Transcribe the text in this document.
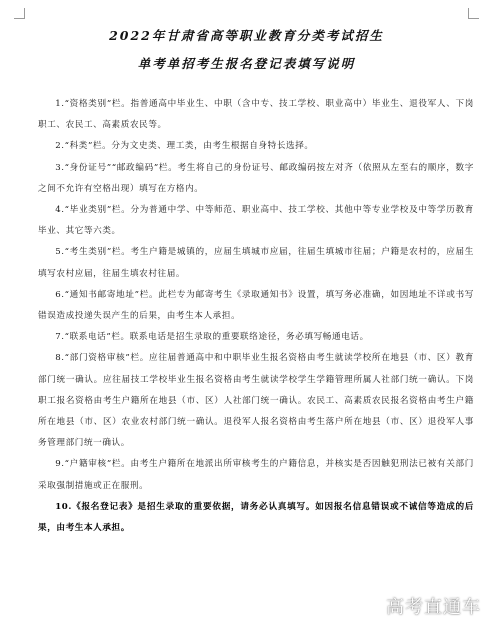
2022年甘肃省高等职业教育分类考试招生
单考单招考生报名登记表填写说明

1.“资格类别”栏。指普通高中毕业生、中职（含中专、技工学校、职业高中）毕业生、退役军人、下岗职工、农民工、高素质农民等。

2.“科类”栏。分为文史类、理工类，由考生根据自身特长选择。

3.“身份证号”“邮政编码”栏。考生将自己的身份证号、邮政编码按左对齐（依照从左至右的顺序，数字之间不允许有空格出现）填写在方格内。

4.“毕业类别”栏。分为普通中学、中等师范、职业高中、技工学校、其他中等专业学校及中等学历教育毕业、其它等六类。

5.“考生类别”栏。考生户籍是城镇的，应届生填城市应届，往届生填城市往届；户籍是农村的，应届生填写农村应届，往届生填农村往届。

6.“通知书邮寄地址”栏。此栏专为邮寄考生《录取通知书》设置，填写务必准确，如因地址不详或书写错误造成投递失误产生的后果，由考生本人承担。

7.“联系电话”栏。联系电话是招生录取的重要联络途径，务必填写畅通电话。

8.“部门资格审核”栏。应往届普通高中和中职毕业生报名资格由考生就读学校所在地县（市、区）教育部门统一确认。应往届技工学校毕业生报名资格由考生就读学校学生学籍管理所属人社部门统一确认。下岗职工报名资格由考生户籍所在地县（市、区）人社部门统一确认。农民工、高素质农民报名资格由考生户籍所在地县（市、区）农业农村部门统一确认。退役军人报名资格由考生落户所在地县（市、区）退役军人事务管理部门统一确认。

9.“户籍审核”栏。由考生户籍所在地派出所审核考生的户籍信息，并核实是否因触犯刑法已被有关部门采取强制措施或正在服刑。

10.《报名登记表》是招生录取的重要依据，请务必认真填写。如因报名信息错误或不诚信等造成的后果，由考生本人承担。

高考直通车
